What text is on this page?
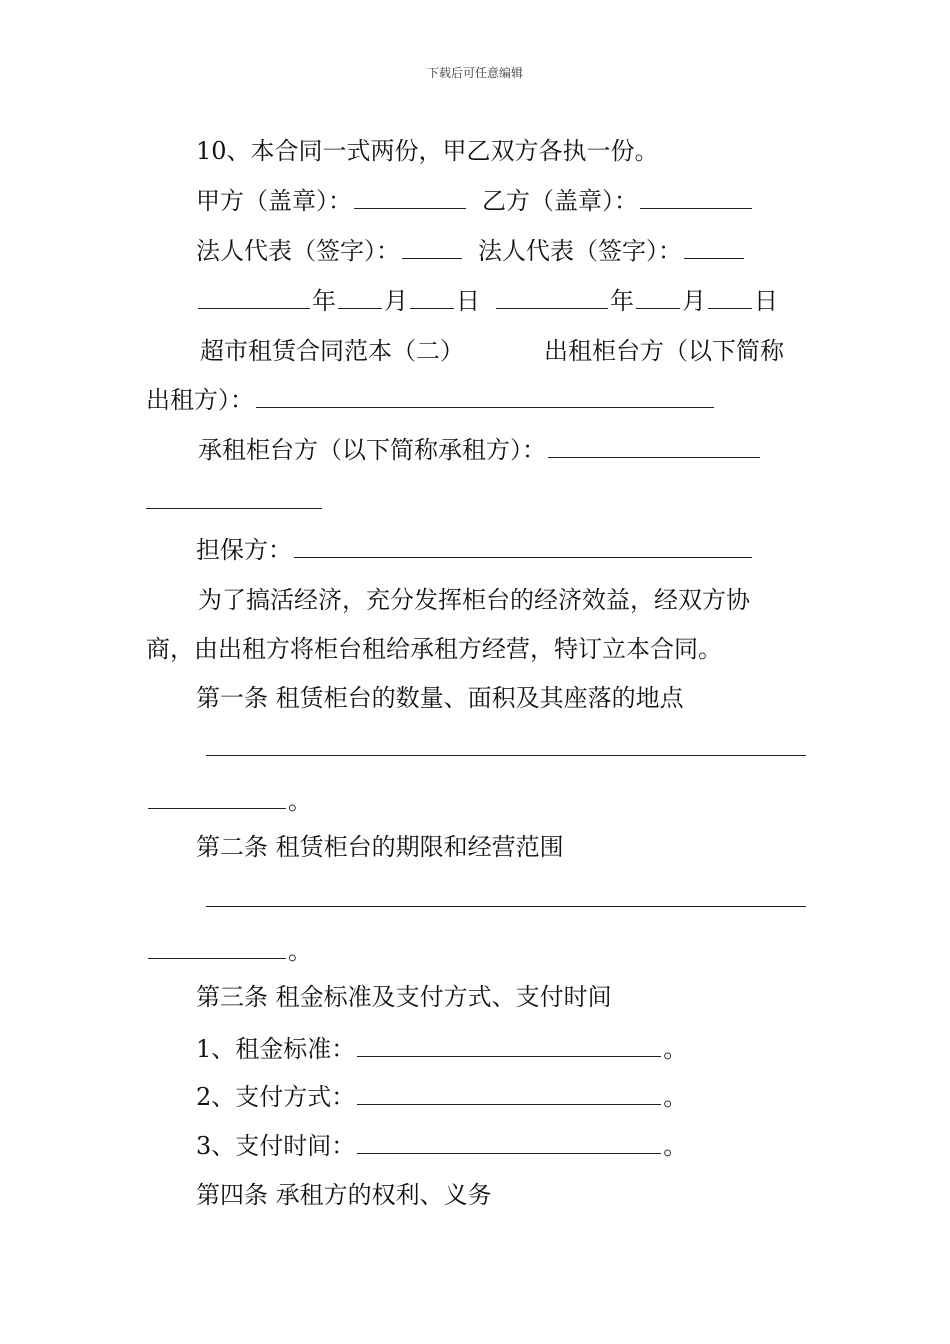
下载后可任意编辑
10、本合同一式两份，甲乙双方各执一份。
甲方（盖章）：	乙方（盖章）：
法人代表（签字）：	法人代表（签字）：
年 月 日	年 月 日
超市租赁合同范本（二）	出租柜台方（以下简称
出租方）：
承租柜台方（以下简称承租方）：
担保方：
为了搞活经济，充分发挥柜台的经济效益，经双方协
商，由出租方将柜台租给承租方经营，特订立本合同。
第一条 租赁柜台的数量、面积及其座落的地点
。
第二条 租赁柜台的期限和经营范围
。
第三条 租金标准及支付方式、支付时间
1、租金标准：	。
2、支付方式：	。
3、支付时间：	。
第四条 承租方的权利、义务
